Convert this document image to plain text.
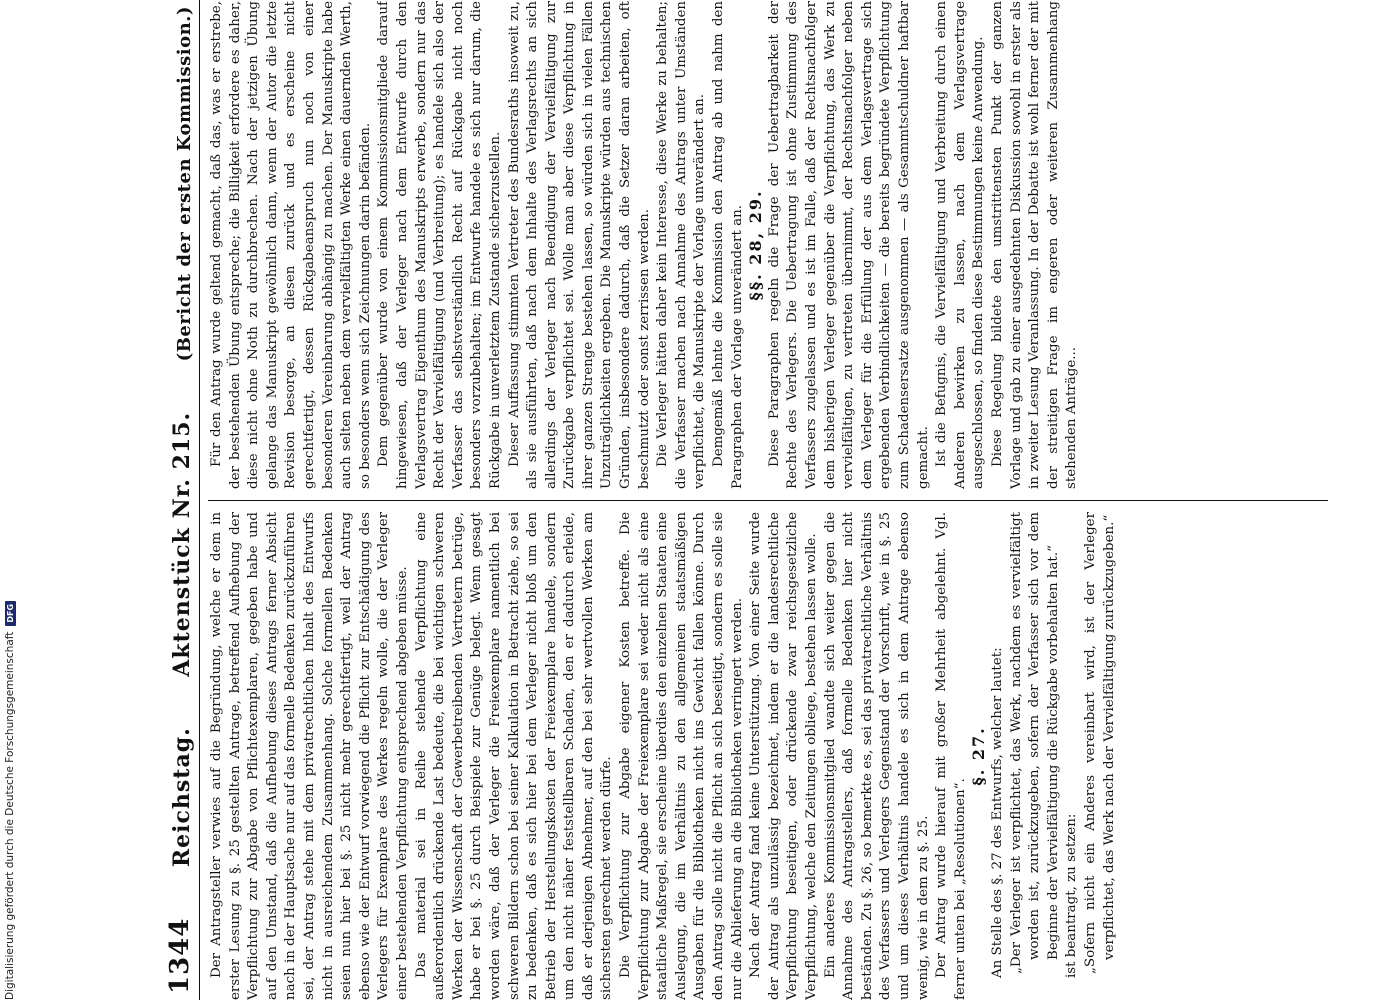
1344
Reichstag.
Aktenstück Nr. 215.
(Bericht der ersten Kommission.)

Der Antragsteller verwies auf die Begründung, welche er dem in erster Lesung zu §. 25 gestellten Antrage, betreffend Aufhebung der Verpflichtung zur Abgabe von Pflichtexemplaren, gegeben habe und auf den Umstand, daß die Aufhebung dieses Antrags ferner Absicht nach in der Hauptsache nur auf das formelle Bedenken zurückzuführen sei, der Antrag stehe mit dem privatrechtlichen Inhalt des Entwurfs nicht in ausreichendem Zusammenhang. Solche formellen Bedenken seien nun hier bei §. 25 nicht mehr gerechtfertigt, weil der Antrag ebenso wie der Entwurf vorwiegend die Pflicht zur Entschädigung des Verlegers für Exemplare des Werkes regeln wolle, die der Verleger einer bestehenden Verpflichtung entsprechend abgeben müsse. Das material sei in Reihe stehende Verpflichtung eine außerordentlich drückende Last bedeute, die bei wichtigen schweren Werken der Wissenschaft der Gewerbetreibenden Vertretern betrüge, habe er bei §. 25 durch Beispiele zur Genüge belegt. Wenn gesagt worden wäre, daß der Verleger die Freiexemplare namentlich bei schweren Bildern schon bei seiner Kalkulation in Betracht ziehe, so sei zu bedenken, daß es sich hier bei dem Verleger nicht bloß um den Betrieb der Herstellungskosten der Freiexemplare handele, sondern um den nicht näher feststellbaren Schaden, den er dadurch erleide, daß er derjenigen Abnehmer, auf den bei sehr wertvollen Werken am sichersten gerechnet werden dürfe. Die Verpflichtung zur Abgabe eigener Kosten betreffe. Die Verpflichtung zur Abgabe der Freiexemplare sei weder nicht als eine staatliche Maßregel, sie erscheine überdies den einzelnen Staaten eine Auslegung, die im Verhältnis zu den allgemeinen staatsmäßigen Ausgaben für die Bibliotheken nicht ins Gewicht fallen könne. Durch den Antrag solle nicht die Pflicht an sich beseitigt, sondern es solle sie nur die Ablieferung an die Bibliotheken verringert werden. Nach der Antrag fand keine Unterstützung. Von einer Seite wurde der Antrag als unzulässig bezeichnet, indem er die landesrechtliche Verpflichtung beseitigen, oder drückende zwar reichsgesetzliche Verpflichtung, welche den Zeitungen obliege, bestehen lassen wolle. Ein anderes Kommissionsmitglied wandte sich weiter gegen die Annahme des Antragstellers, daß formelle Bedenken hier nicht beständen. Zu §. 26, so bemerkte es, sei das privatrechtliche Verhältnis des Verfassers und Verlegers Gegenstand der Vorschrift, wie in §. 25 und um dieses Verhältnis handele es sich in dem Antrage ebenso wenig, wie in dem zu §. 25. Der Antrag wurde hierauf mit großer Mehrheit abgelehnt. Vgl. ferner unten bei „Resolutionen“.

§. 27. An Stelle des §. 27 des Entwurfs, welcher lautet: „Der Verleger ist verpflichtet, das Werk, nachdem es vervielfältigt worden ist, zurückzugeben, sofern der Verfasser sich vor dem Beginne der Vervielfältigung die Rückgabe vorbehalten hat.“ ist beantragt, zu setzen: „Sofern nicht ein Anderes vereinbart wird, ist der Verleger verpflichtet, das Werk nach der Vervielfältigung zurückzugeben.“

Für den Antrag wurde geltend gemacht, daß das, was er erstrebe, der bestehenden Übung entspreche; die Billigkeit erfordere es daher, diese nicht ohne Noth zu durchbrechen. Nach der jetzigen Übung gelange das Manuskript gewöhnlich dann, wenn der Autor die letzte Revision besorge, an diesen zurück und es erscheine nicht gerechtfertigt, dessen Rückgabeanspruch nun noch von einer besonderen Vereinbarung abhängig zu machen. Der Manuskripte habe auch selten neben dem vervielfältigten Werke einen dauernden Werth, so besonders wenn sich Zeichnungen darin befänden. Dem gegenüber wurde von einem Kommissionsmitgliede darauf hingewiesen, daß der Verleger nach dem Entwurfe durch den Verlagsvertrag Eigenthum des Manuskripts erwerbe, sondern nur das Recht der Vervielfältigung (und Verbreitung); es handele sich also der Verfasser das selbstverständlich Recht auf Rückgabe nicht noch besonders vorzubehalten; im Entwurfe handele es sich nur darum, die Rückgabe in unverletztem Zustande sicherzustellen. Dieser Auffassung stimmten Vertreter des Bundesraths insoweit zu, als sie ausführten, daß nach dem Inhalte des Verlagsrechts an sich allerdings der Verleger nach Beendigung der Vervielfältigung zur Zurückgabe verpflichtet sei. Wolle man aber diese Verpflichtung in ihrer ganzen Strenge bestehen lassen, so würden sich in vielen Fällen Unzuträglichkeiten ergeben. Die Manuskripte würden aus technischen Gründen, insbesondere dadurch, daß die Setzer daran arbeiten, oft beschmutzt oder sonst zerrissen werden. Die Verleger hätten daher kein Interesse, diese Werke zu behalten; die Verfasser machen nach Annahme des Antrags unter Umständen verpflichtet, die Manuskripte der Vorlage unverändert an. Demgemäß lehnte die Kommission den Antrag ab und nahm den Paragraphen der Vorlage unverändert an. §§. 28, 29. Diese Paragraphen regeln die Frage der Uebertragbarkeit der Rechte des Verlegers. Die Uebertragung ist ohne Zustimmung des Verfassers zugelassen und es ist im Falle, daß der Rechtsnachfolger dem bisherigen Verleger gegenüber die Verpflichtung, das Werk zu vervielfältigen, zu vertreten übernimmt, der Rechtsnachfolger neben dem Verleger für die Erfüllung der aus dem Verlagsvertrage sich ergebenden Verbindlichkeiten — die bereits begründete Verpflichtung zum Schadensersatze ausgenommen — als Gesammtschuldner haftbar gemacht. Ist die Befugnis, die Vervielfältigung und Verbreitung durch einen Anderen bewirken zu lassen, nach dem Verlagsvertrage ausgeschlossen, so finden diese Bestimmungen keine Anwendung. Diese Regelung bildete den umstrittensten Punkt der ganzen Vorlage und gab zu einer ausgedehnten Diskussion sowohl in erster als in zweiter Lesung Veranlassung. In der Debatte ist wohl ferner der mit der streitigen Frage im engeren oder weiteren Zusammenhang stehenden Anträge...

Digitalisierung gefördert durch die Deutsche Forschungsgemeinschaft
DFG
